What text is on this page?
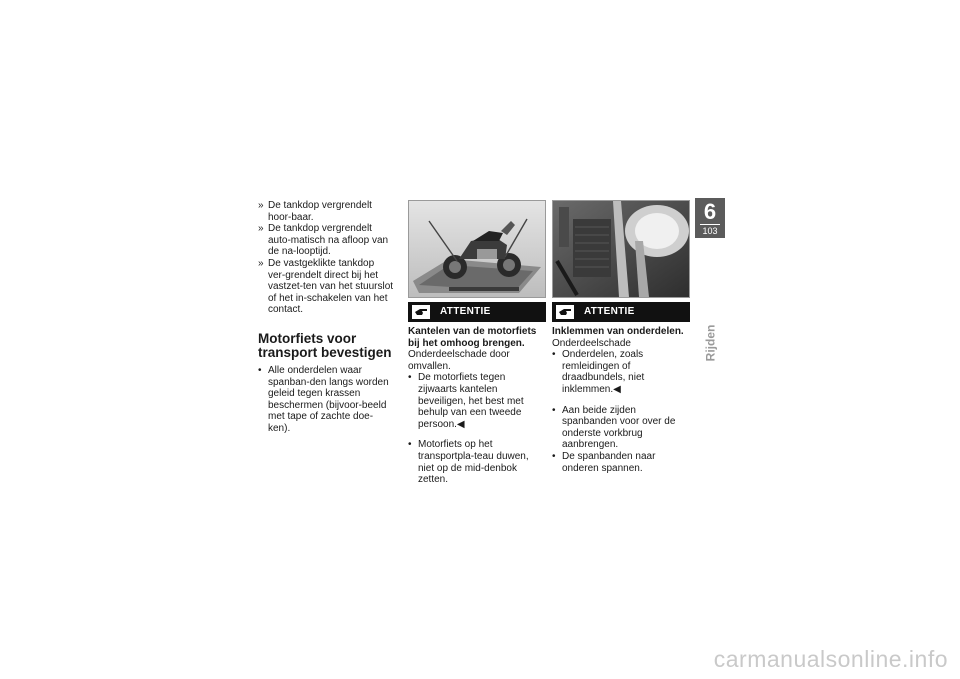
» De tankdop vergrendelt hoor-baar.

» De tankdop vergrendelt auto-matisch na afloop van de na-looptijd.

» De vastgeklikte tankdop ver-grendelt direct bij het vastzet-ten van het stuurslot of het in-schakelen van het contact.

Motorfiets voor transport bevestigen

• Alle onderdelen waar spanban-den langs worden geleid tegen krassen beschermen (bijvoor-beeld met tape of zachte doe-ken).

ATTENTIE
Kantelen van de motorfiets bij het omhoog brengen.

Onderdeelschade door omvallen.

• De motorfiets tegen zijwaarts kantelen beveiligen, het best met behulp van een tweede persoon.◀

• Motorfiets op het transportpla-teau duwen, niet op de mid-denbok zetten.

ATTENTIE
Inklemmen van onderdelen.

Onderdeelschade

• Onderdelen, zoals remleidingen of draadbundels, niet inklemmen.◀

• Aan beide zijden spanbanden voor over de onderste vorkbrug aanbrengen.

• De spanbanden naar onderen spannen.

6
103
Rijden
carmanualsonline.info
